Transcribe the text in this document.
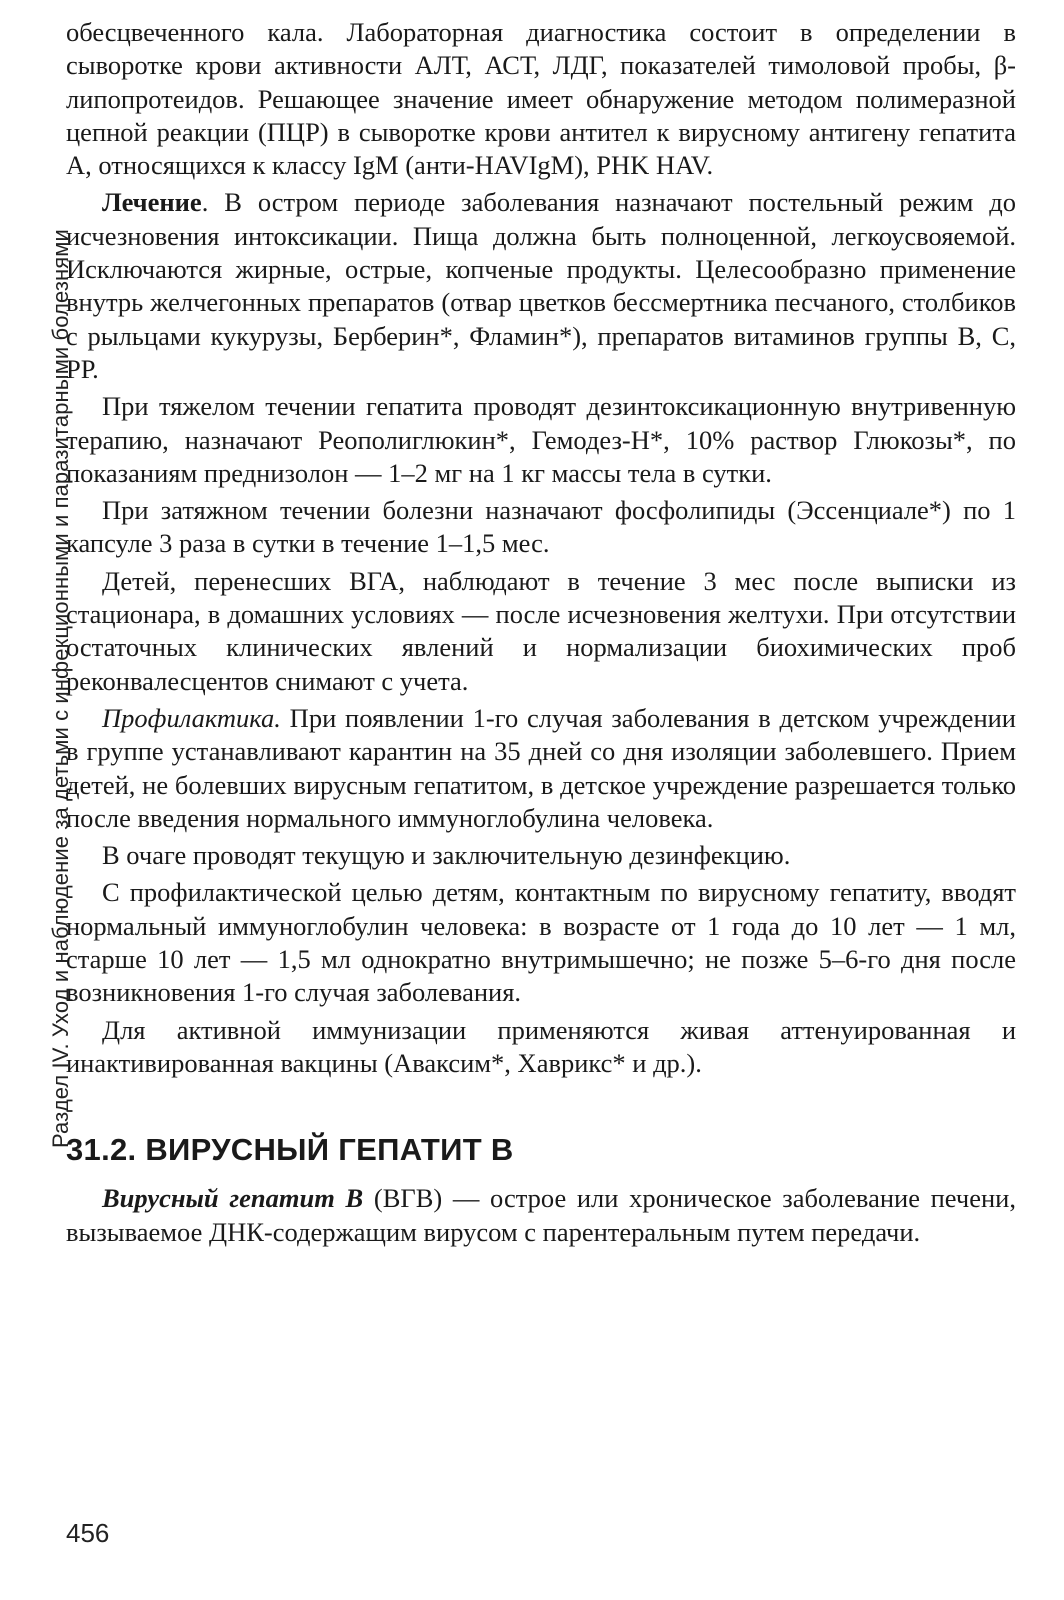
Раздел IV. Уход и наблюдение за детьми с инфекционными и паразитарными болезнями

обесцвеченного кала. Лабораторная диагностика состоит в определении в сыворотке крови активности АЛТ, АСТ, ЛДГ, показателей тимоловой пробы, β-липопротеидов. Решающее значение имеет обнаружение методом полимеразной цепной реакции (ПЦР) в сыворотке крови антител к вирусному антигену гепатита А, относящихся к классу IgM (анти-HAVIgM), PHK HAV.

Лечение. В остром периоде заболевания назначают постельный режим до исчезновения интоксикации. Пища должна быть полноценной, легкоусвояемой. Исключаются жирные, острые, копченые продукты. Целесообразно применение внутрь желчегонных препаратов (отвар цветков бессмертника песчаного, столбиков с рыльцами кукурузы, Берберин*, Фламин*), препаратов витаминов группы В, С, РР.

При тяжелом течении гепатита проводят дезинтоксикационную внутривенную терапию, назначают Реополиглюкин*, Гемодез-Н*, 10% раствор Глюкозы*, по показаниям преднизолон — 1–2 мг на 1 кг массы тела в сутки.

При затяжном течении болезни назначают фосфолипиды (Эссенциале*) по 1 капсуле 3 раза в сутки в течение 1–1,5 мес.

Детей, перенесших ВГА, наблюдают в течение 3 мес после выписки из стационара, в домашних условиях — после исчезновения желтухи. При отсутствии остаточных клинических явлений и нормализации биохимических проб реконвалесцентов снимают с учета.

Профилактика. При появлении 1-го случая заболевания в детском учреждении в группе устанавливают карантин на 35 дней со дня изоляции заболевшего. Прием детей, не болевших вирусным гепатитом, в детское учреждение разрешается только после введения нормального иммуноглобулина человека.

В очаге проводят текущую и заключительную дезинфекцию.

С профилактической целью детям, контактным по вирусному гепатиту, вводят нормальный иммуноглобулин человека: в возрасте от 1 года до 10 лет — 1 мл, старше 10 лет — 1,5 мл однократно внутримышечно; не позже 5–6-го дня после возникновения 1-го случая заболевания.

Для активной иммунизации применяются живая аттенуированная и инактивированная вакцины (Аваксим*, Хаврикс* и др.).

31.2. ВИРУСНЫЙ ГЕПАТИТ В

Вирусный гепатит В (ВГВ) — острое или хроническое заболевание печени, вызываемое ДНК-содержащим вирусом с парентеральным путем передачи.

456
